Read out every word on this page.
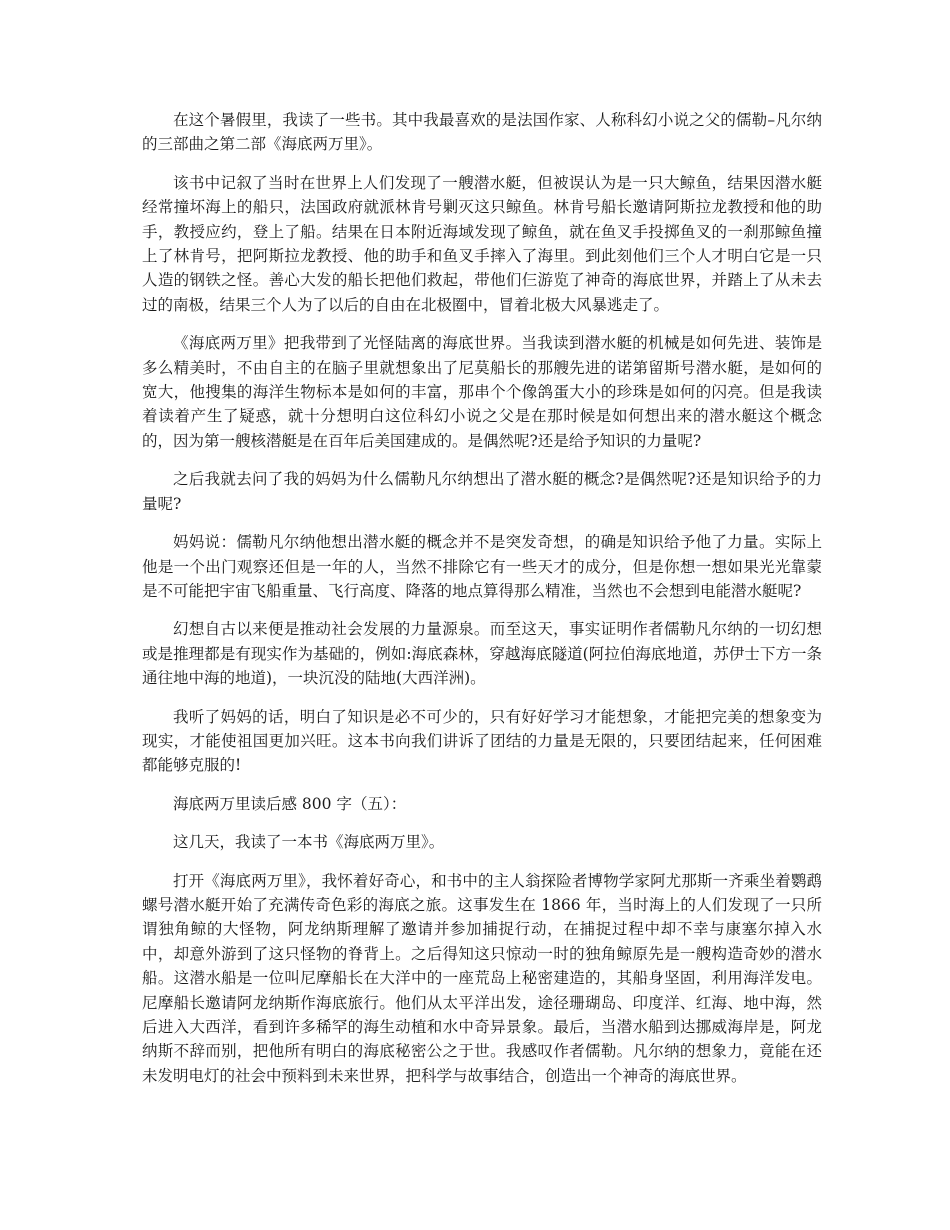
在这个暑假里，我读了一些书。其中我最喜欢的是法国作家、人称科幻小说之父的儒勒–凡尔纳的三部曲之第二部《海底两万里》。

该书中记叙了当时在世界上人们发现了一艘潜水艇，但被误认为是一只大鲸鱼，结果因潜水艇经常撞坏海上的船只，法国政府就派林肯号剿灭这只鲸鱼。林肯号船长邀请阿斯拉龙教授和他的助手，教授应约，登上了船。结果在日本附近海域发现了鲸鱼，就在鱼叉手投掷鱼叉的一刹那鲸鱼撞上了林肯号，把阿斯拉龙教授、他的助手和鱼叉手摔入了海里。到此刻他们三个人才明白它是一只人造的钢铁之怪。善心大发的船长把他们救起，带他们仨游览了神奇的海底世界，并踏上了从未去过的南极，结果三个人为了以后的自由在北极圈中，冒着北极大风暴逃走了。

《海底两万里》把我带到了光怪陆离的海底世界。当我读到潜水艇的机械是如何先进、装饰是多么精美时，不由自主的在脑子里就想象出了尼莫船长的那艘先进的诺第留斯号潜水艇，是如何的宽大，他搜集的海洋生物标本是如何的丰富，那串个个像鸽蛋大小的珍珠是如何的闪亮。但是我读着读着产生了疑惑，就十分想明白这位科幻小说之父是在那时候是如何想出来的潜水艇这个概念的，因为第一艘核潜艇是在百年后美国建成的。是偶然呢?还是给予知识的力量呢?

之后我就去问了我的妈妈为什么儒勒凡尔纳想出了潜水艇的概念?是偶然呢?还是知识给予的力量呢?

妈妈说：儒勒凡尔纳他想出潜水艇的概念并不是突发奇想，的确是知识给予他了力量。实际上他是一个出门观察还但是一年的人，当然不排除它有一些天才的成分，但是你想一想如果光光靠蒙是不可能把宇宙飞船重量、飞行高度、降落的地点算得那么精准，当然也不会想到电能潜水艇呢?

幻想自古以来便是推动社会发展的力量源泉。而至这天，事实证明作者儒勒凡尔纳的一切幻想或是推理都是有现实作为基础的，例如:海底森林，穿越海底隧道(阿拉伯海底地道，苏伊士下方一条通往地中海的地道)，一块沉没的陆地(大西洋洲)。

我听了妈妈的话，明白了知识是必不可少的，只有好好学习才能想象，才能把完美的想象变为现实，才能使祖国更加兴旺。这本书向我们讲诉了团结的力量是无限的，只要团结起来，任何困难都能够克服的!

海底两万里读后感 800 字（五）：

这几天，我读了一本书《海底两万里》。

打开《海底两万里》，我怀着好奇心，和书中的主人翁探险者博物学家阿尤那斯一齐乘坐着鹦鹉螺号潜水艇开始了充满传奇色彩的海底之旅。这事发生在 1866 年，当时海上的人们发现了一只所谓独角鲸的大怪物，阿龙纳斯理解了邀请并参加捕捉行动，在捕捉过程中却不幸与康塞尔掉入水中，却意外游到了这只怪物的脊背上。之后得知这只惊动一时的独角鲸原先是一艘构造奇妙的潜水船。这潜水船是一位叫尼摩船长在大洋中的一座荒岛上秘密建造的，其船身坚固，利用海洋发电。尼摩船长邀请阿龙纳斯作海底旅行。他们从太平洋出发，途径珊瑚岛、印度洋、红海、地中海，然后进入大西洋，看到许多稀罕的海生动植和水中奇异景象。最后，当潜水船到达挪威海岸是，阿龙纳斯不辞而别，把他所有明白的海底秘密公之于世。我感叹作者儒勒。凡尔纳的想象力，竟能在还未发明电灯的社会中预料到未来世界，把科学与故事结合，创造出一个神奇的海底世界。
